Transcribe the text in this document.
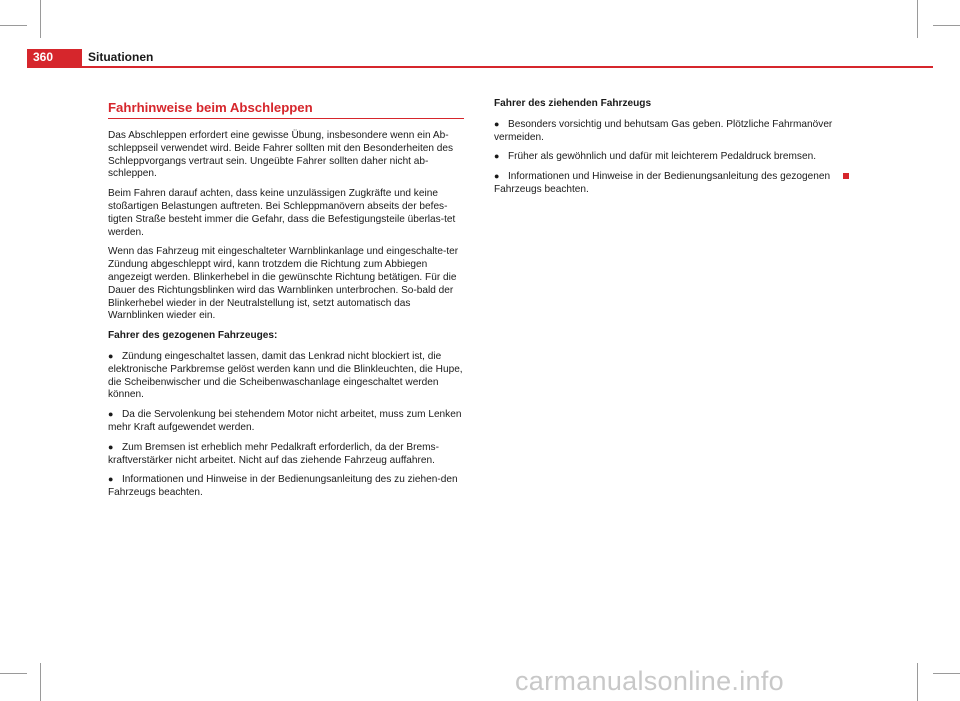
360	Situationen
Fahrhinweise beim Abschleppen

Das Abschleppen erfordert eine gewisse Übung, insbesondere wenn ein Ab-schleppseil verwendet wird. Beide Fahrer sollten mit den Besonderheiten des Schleppvorgangs vertraut sein. Ungeübte Fahrer sollten daher nicht ab-schleppen.

Beim Fahren darauf achten, dass keine unzulässigen Zugkräfte und keine stoßartigen Belastungen auftreten. Bei Schleppmanövern abseits der befes-tigten Straße besteht immer die Gefahr, dass die Befestigungsteile überlas-tet werden.

Wenn das Fahrzeug mit eingeschalteter Warnblinkanlage und eingeschalte-ter Zündung abgeschleppt wird, kann trotzdem die Richtung zum Abbiegen angezeigt werden. Blinkerhebel in die gewünschte Richtung betätigen. Für die Dauer des Richtungsblinken wird das Warnblinken unterbrochen. So-bald der Blinkerhebel wieder in der Neutralstellung ist, setzt automatisch das Warnblinken wieder ein.

Fahrer des gezogenen Fahrzeuges:
● Zündung eingeschaltet lassen, damit das Lenkrad nicht blockiert ist, die elektronische Parkbremse gelöst werden kann und die Blinkleuchten, die Hupe, die Scheibenwischer und die Scheibenwaschanlage eingeschaltet werden können.
● Da die Servolenkung bei stehendem Motor nicht arbeitet, muss zum Lenken mehr Kraft aufgewendet werden.
● Zum Bremsen ist erheblich mehr Pedalkraft erforderlich, da der Brems-kraftverstärker nicht arbeitet. Nicht auf das ziehende Fahrzeug auffahren.
● Informationen und Hinweise in der Bedienungsanleitung des zu ziehen-den Fahrzeugs beachten.
Fahrer des ziehenden Fahrzeugs
● Besonders vorsichtig und behutsam Gas geben. Plötzliche Fahrmanöver vermeiden.
● Früher als gewöhnlich und dafür mit leichterem Pedaldruck bremsen.
● Informationen und Hinweise in der Bedienungsanleitung des gezogenen Fahrzeugs beachten.
carmanualsonline.info
